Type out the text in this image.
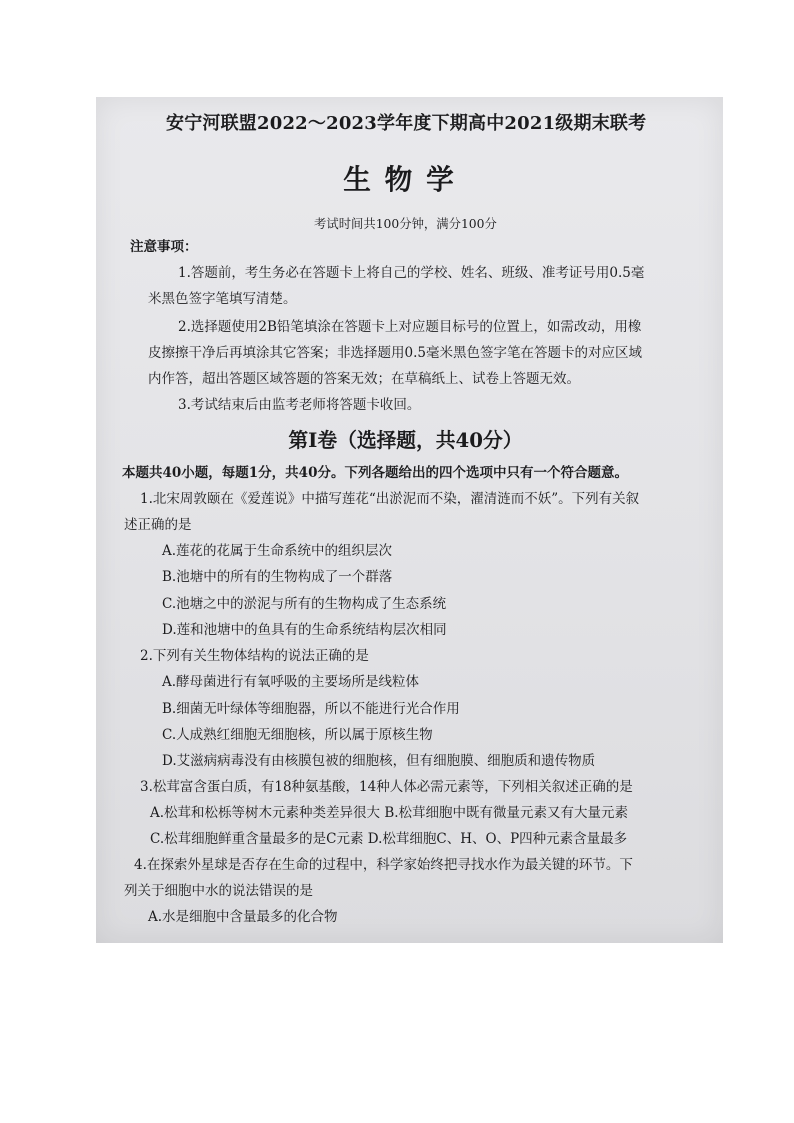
安宁河联盟2022～2023学年度下期高中2021级期末联考
生物学
考试时间共100分钟，满分100分
注意事项：
1.答题前，考生务必在答题卡上将自己的学校、姓名、班级、准考证号用0.5毫
米黑色签字笔填写清楚。
2.选择题使用2B铅笔填涂在答题卡上对应题目标号的位置上，如需改动，用橡
皮擦擦干净后再填涂其它答案；非选择题用0.5毫米黑色签字笔在答题卡的对应区域
内作答，超出答题区域答题的答案无效；在草稿纸上、试卷上答题无效。
3.考试结束后由监考老师将答题卡收回。
第Ⅰ卷（选择题，共40分）
本题共40小题，每题1分，共40分。下列各题给出的四个选项中只有一个符合题意。
1.北宋周敦颐在《爱莲说》中描写莲花“出淤泥而不染，濯清涟而不妖”。下列有关叙
述正确的是
A.莲花的花属于生命系统中的组织层次
B.池塘中的所有的生物构成了一个群落
C.池塘之中的淤泥与所有的生物构成了生态系统
D.莲和池塘中的鱼具有的生命系统结构层次相同
2.下列有关生物体结构的说法正确的是
A.酵母菌进行有氧呼吸的主要场所是线粒体
B.细菌无叶绿体等细胞器，所以不能进行光合作用
C.人成熟红细胞无细胞核，所以属于原核生物
D.艾滋病病毒没有由核膜包被的细胞核，但有细胞膜、细胞质和遗传物质
3.松茸富含蛋白质，有18种氨基酸，14种人体必需元素等，下列相关叙述正确的是
A.松茸和松栎等树木元素种类差异很大 B.松茸细胞中既有微量元素又有大量元素
C.松茸细胞鲜重含量最多的是C元素 D.松茸细胞C、H、O、P四种元素含量最多
4.在探索外星球是否存在生命的过程中，科学家始终把寻找水作为最关键的环节。下
列关于细胞中水的说法错误的是
A.水是细胞中含量最多的化合物
